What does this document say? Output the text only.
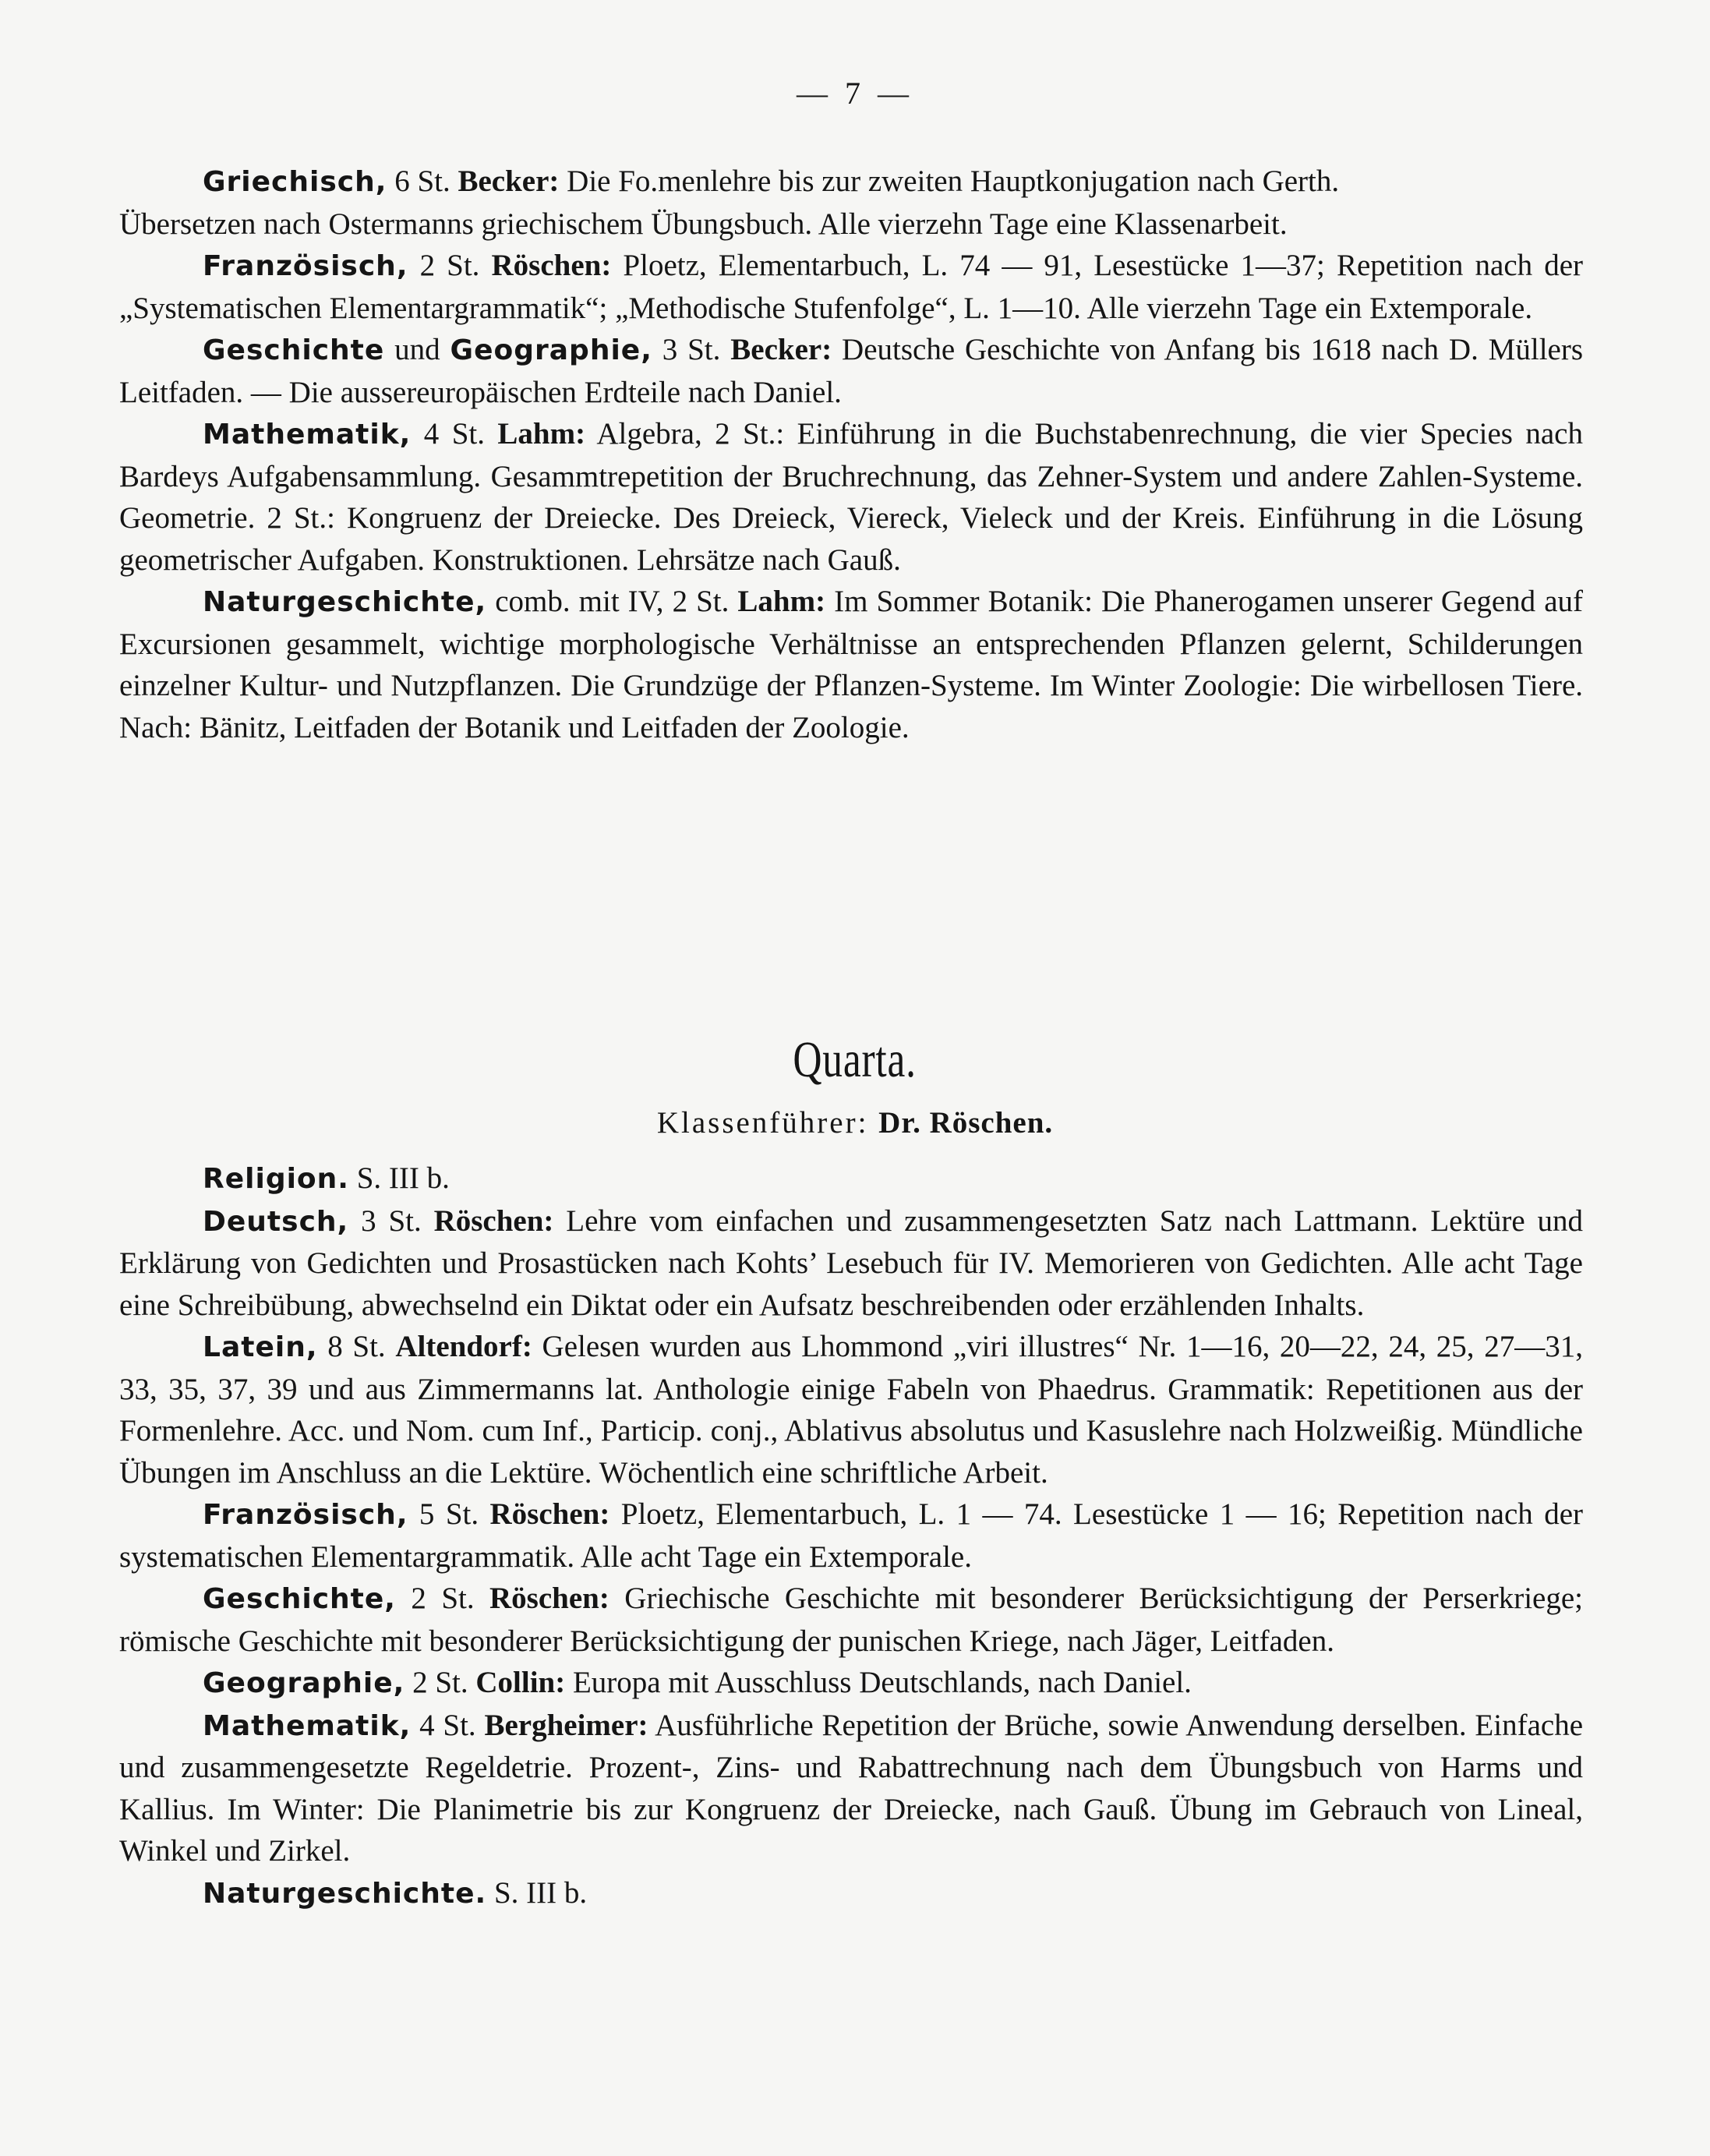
— 7 —

Griechisch, 6 St. Becker: Die Fo.menlehre bis zur zweiten Hauptkonjugation nach Gerth.
Übersetzen nach Ostermanns griechischem Übungsbuch. Alle vierzehn Tage eine Klassenarbeit.

Französisch, 2 St. Röschen: Ploetz, Elementarbuch, L. 74 — 91, Lesestücke 1—37; Repetition nach der „Systematischen Elementargrammatik“; „Methodische Stufenfolge“, L. 1—10. Alle vierzehn Tage ein Extemporale.

Geschichte und Geographie, 3 St. Becker: Deutsche Geschichte von Anfang bis 1618 nach D. Müllers Leitfaden. — Die aussereuropäischen Erdteile nach Daniel.

Mathematik, 4 St. Lahm: Algebra, 2 St.: Einführung in die Buchstabenrechnung, die vier Species nach Bardeys Aufgabensammlung. Gesammtrepetition der Bruchrechnung, das Zehner-System und andere Zahlen-Systeme. Geometrie. 2 St.: Kongruenz der Dreiecke. Des Dreieck, Viereck, Vieleck und der Kreis. Einführung in die Lösung geometrischer Aufgaben. Konstruktionen. Lehrsätze nach Gauß.

Naturgeschichte, comb. mit IV, 2 St. Lahm: Im Sommer Botanik: Die Phanerogamen unserer Gegend auf Excursionen gesammelt, wichtige morphologische Verhältnisse an entsprechenden Pflanzen gelernt, Schilderungen einzelner Kultur- und Nutzpflanzen. Die Grundzüge der Pflanzen-Systeme. Im Winter Zoologie: Die wirbellosen Tiere. Nach: Bänitz, Leitfaden der Botanik und Leitfaden der Zoologie.

Quarta.
Klassenführer: Dr. Röschen.

Religion. S. III b.

Deutsch, 3 St. Röschen: Lehre vom einfachen und zusammengesetzten Satz nach Lattmann. Lektüre und Erklärung von Gedichten und Prosastücken nach Kohts’ Lesebuch für IV. Memorieren von Gedichten. Alle acht Tage eine Schreibübung, abwechselnd ein Diktat oder ein Aufsatz beschreibenden oder erzählenden Inhalts.

Latein, 8 St. Altendorf: Gelesen wurden aus Lhommond „viri illustres“ Nr. 1—16, 20—22, 24, 25, 27—31, 33, 35, 37, 39 und aus Zimmermanns lat. Anthologie einige Fabeln von Phaedrus. Grammatik: Repetitionen aus der Formenlehre. Acc. und Nom. cum Inf., Particip. conj., Ablativus absolutus und Kasuslehre nach Holzweißig. Mündliche Übungen im Anschluss an die Lektüre. Wöchentlich eine schriftliche Arbeit.

Französisch, 5 St. Röschen: Ploetz, Elementarbuch, L. 1 — 74. Lesestücke 1 — 16; Repetition nach der systematischen Elementargrammatik. Alle acht Tage ein Extemporale.

Geschichte, 2 St. Röschen: Griechische Geschichte mit besonderer Berücksichtigung der Perserkriege; römische Geschichte mit besonderer Berücksichtigung der punischen Kriege, nach Jäger, Leitfaden.

Geographie, 2 St. Collin: Europa mit Ausschluss Deutschlands, nach Daniel.

Mathematik, 4 St. Bergheimer: Ausführliche Repetition der Brüche, sowie Anwendung derselben. Einfache und zusammengesetzte Regeldetrie. Prozent-, Zins- und Rabattrechnung nach dem Übungsbuch von Harms und Kallius. Im Winter: Die Planimetrie bis zur Kongruenz der Dreiecke, nach Gauß. Übung im Gebrauch von Lineal, Winkel und Zirkel.

Naturgeschichte. S. III b.
